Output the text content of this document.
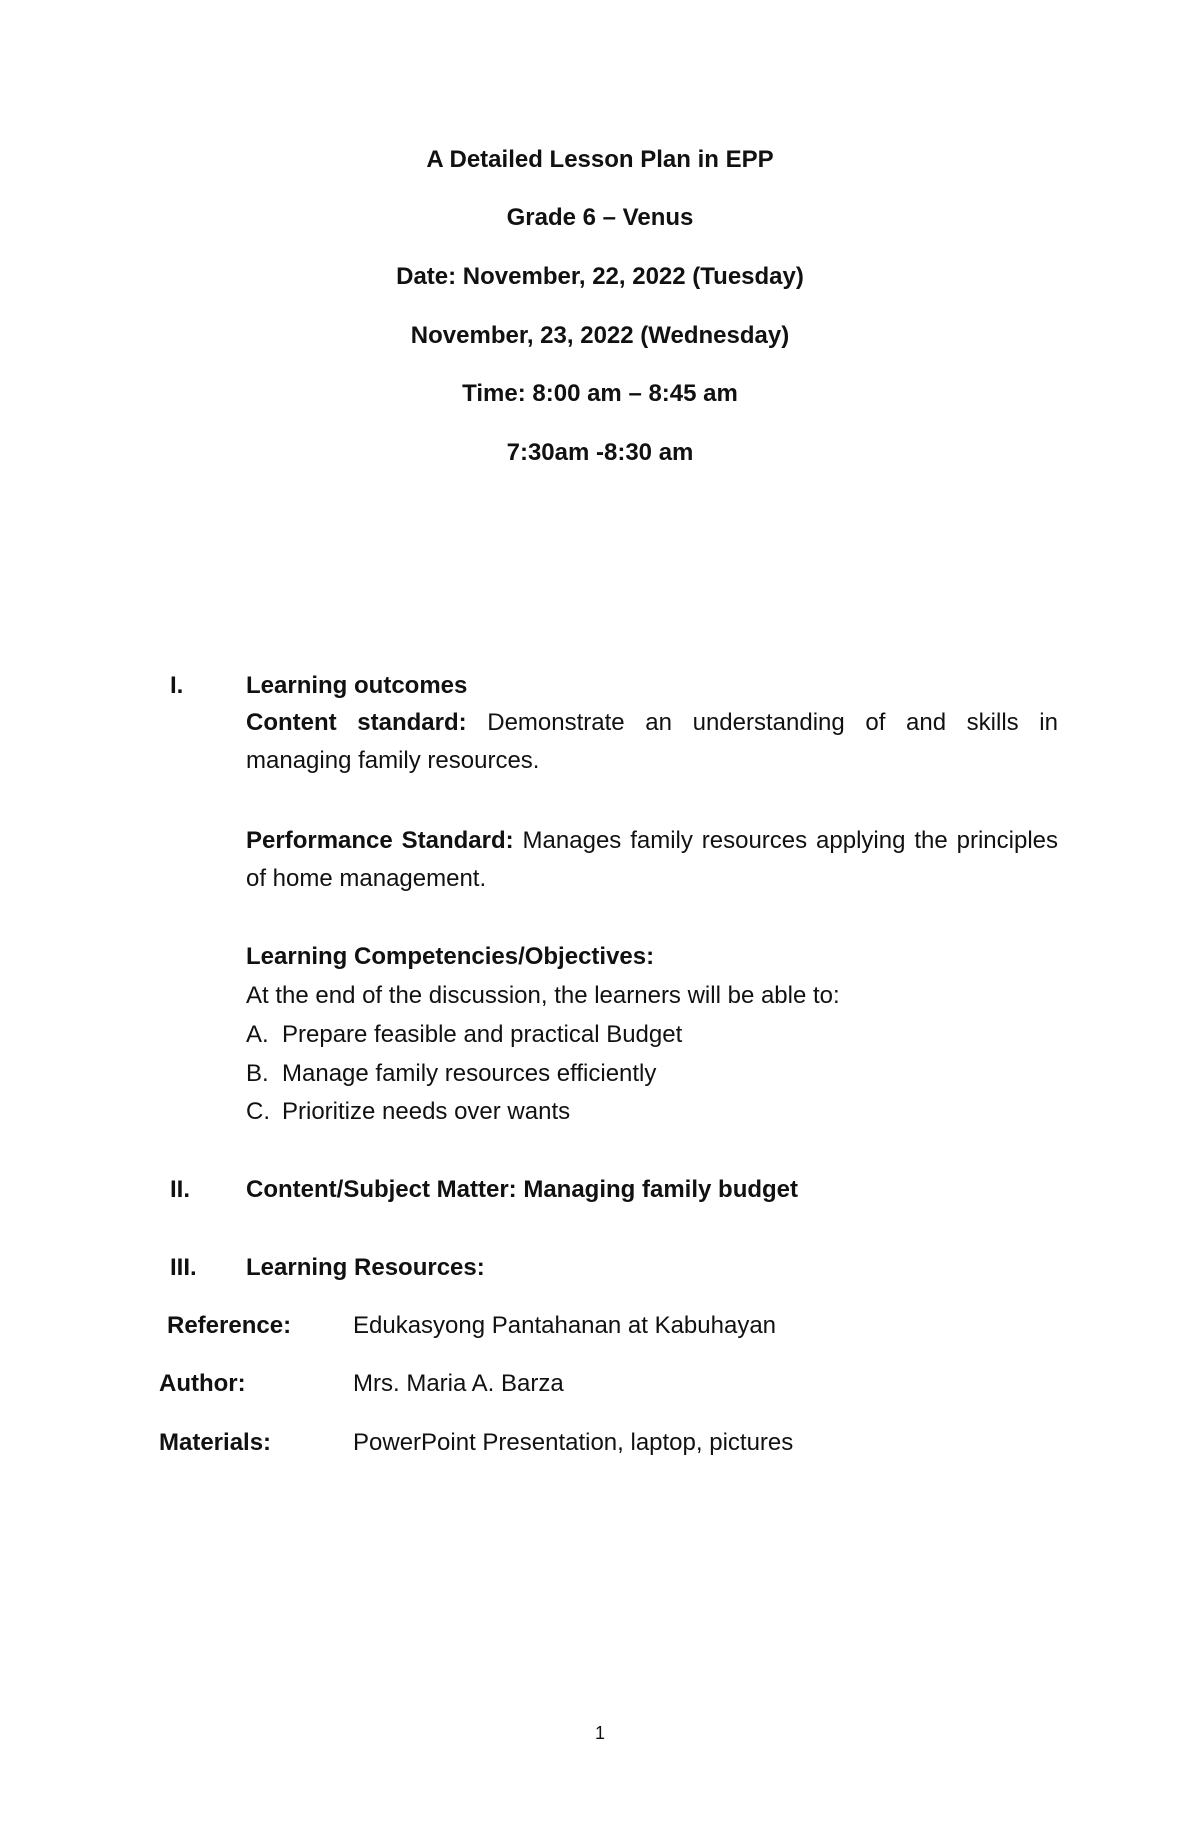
A Detailed Lesson Plan in EPP
Grade 6 – Venus
Date: November, 22, 2022 (Tuesday)
November, 23, 2022 (Wednesday)
Time: 8:00 am – 8:45 am
7:30am -8:30 am
I.	Learning outcomes
Content standard: Demonstrate an understanding of and skills in managing family resources.
Performance Standard: Manages family resources applying the principles of home management.
Learning Competencies/Objectives:
At the end of the discussion, the learners will be able to:
A. Prepare feasible and practical Budget
B. Manage family resources efficiently
C. Prioritize needs over wants
II. Content/Subject Matter: Managing family budget
III. Learning Resources:
Reference:	Edukasyong Pantahanan at Kabuhayan
Author:	Mrs. Maria A. Barza
Materials:	PowerPoint Presentation, laptop, pictures
1
